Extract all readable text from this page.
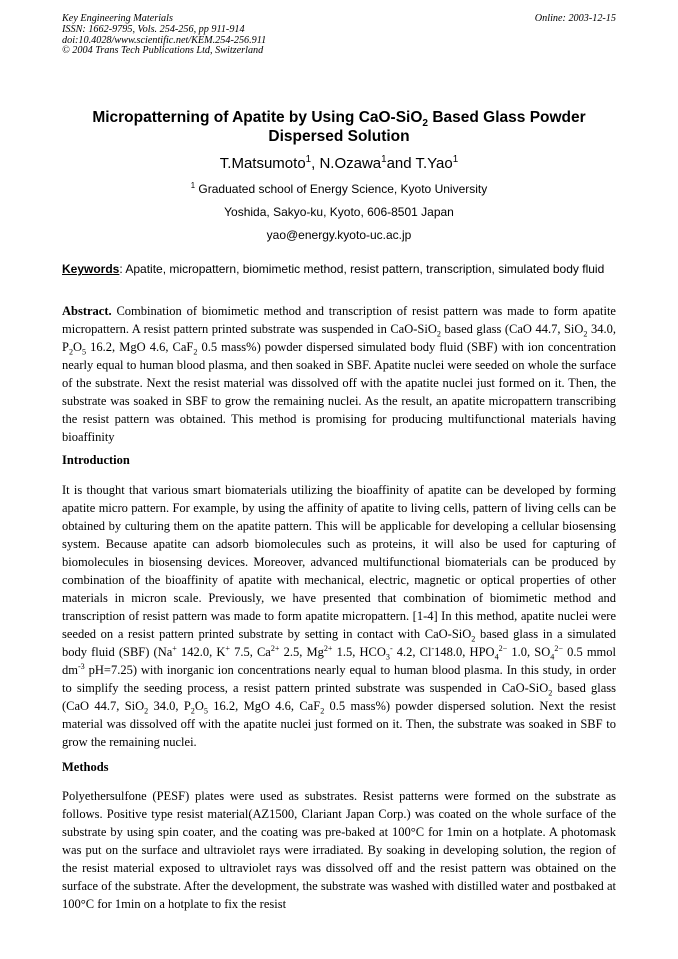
Key Engineering Materials
ISSN: 1662-9795, Vols. 254-256, pp 911-914
doi:10.4028/www.scientific.net/KEM.254-256.911
© 2004 Trans Tech Publications Ltd, Switzerland
Online: 2003-12-15
Micropatterning of Apatite by Using CaO-SiO$_2$ Based Glass Powder Dispersed Solution
T.Matsumoto$^1$, N.Ozawa$^1$and T.Yao$^1$
$^1$ Graduated school of Energy Science, Kyoto University
Yoshida, Sakyo-ku, Kyoto, 606-8501 Japan
yao@energy.kyoto-uc.ac.jp
Keywords: Apatite, micropattern, biomimetic method, resist pattern, transcription, simulated body fluid
Abstract. Combination of biomimetic method and transcription of resist pattern was made to form apatite micropattern. A resist pattern printed substrate was suspended in CaO-SiO$_2$ based glass (CaO 44.7, SiO$_2$ 34.0, $P_2O_5$ 16.2, MgO 4.6, CaF$_2$ 0.5 mass%) powder dispersed simulated body fluid (SBF) with ion concentration nearly equal to human blood plasma, and then soaked in SBF. Apatite nuclei were seeded on whole the surface of the substrate. Next the resist material was dissolved off with the apatite nuclei just formed on it. Then, the substrate was soaked in SBF to grow the remaining nuclei. As the result, an apatite micropattern transcribing the resist pattern was obtained. This method is promising for producing multifunctional materials having bioaffinity
Introduction
It is thought that various smart biomaterials utilizing the bioaffinity of apatite can be developed by forming apatite micro pattern. For example, by using the affinity of apatite to living cells, pattern of living cells can be obtained by culturing them on the apatite pattern. This will be applicable for developing a cellular biosensing system. Because apatite can adsorb biomolecules such as proteins, it will also be used for capturing of biomolecules in biosensing devices. Moreover, advanced multifunctional biomaterials can be produced by combination of the bioaffinity of apatite with mechanical, electric, magnetic or optical properties of other materials in micron scale. Previously, we have presented that combination of biomimetic method and transcription of resist pattern was made to form apatite micropattern. [1-4] In this method, apatite nuclei were seeded on a resist pattern printed substrate by setting in contact with CaO-SiO$_2$ based glass in a simulated body fluid (SBF) (Na+ 142.0, K+ 7.5, $Ca^{2+}$ 2.5, $Mg^{2+}$ 1.5, $HCO_3^-$ 4.2, Cl-148.0, $HPO_4^{2-}$ 1.0, $SO_4^{2-}$ 0.5 mmol $dm^{-3}$ pH=7.25) with inorganic ion concentrations nearly equal to human blood plasma. In this study, in order to simplify the seeding process, a resist pattern printed substrate was suspended in CaO-SiO$_2$ based glass (CaO 44.7, SiO$_2$ 34.0, $P_2O_5$ 16.2, MgO 4.6, CaF$_2$ 0.5 mass%) powder dispersed solution. Next the resist material was dissolved off with the apatite nuclei just formed on it. Then, the substrate was soaked in SBF to grow the remaining nuclei.
Methods
Polyethersulfone (PESF) plates were used as substrates. Resist patterns were formed on the substrate as follows. Positive type resist material(AZ1500, Clariant Japan Corp.) was coated on the whole surface of the substrate by using spin coater, and the coating was pre-baked at 100°C for 1min on a hotplate. A photomask was put on the surface and ultraviolet rays were irradiated. By soaking in developing solution, the region of the resist material exposed to ultraviolet rays was dissolved off and the resist pattern was obtained on the surface of the substrate. After the development, the substrate was washed with distilled water and postbaked at 100°C for 1min on a hotplate to fix the resist
